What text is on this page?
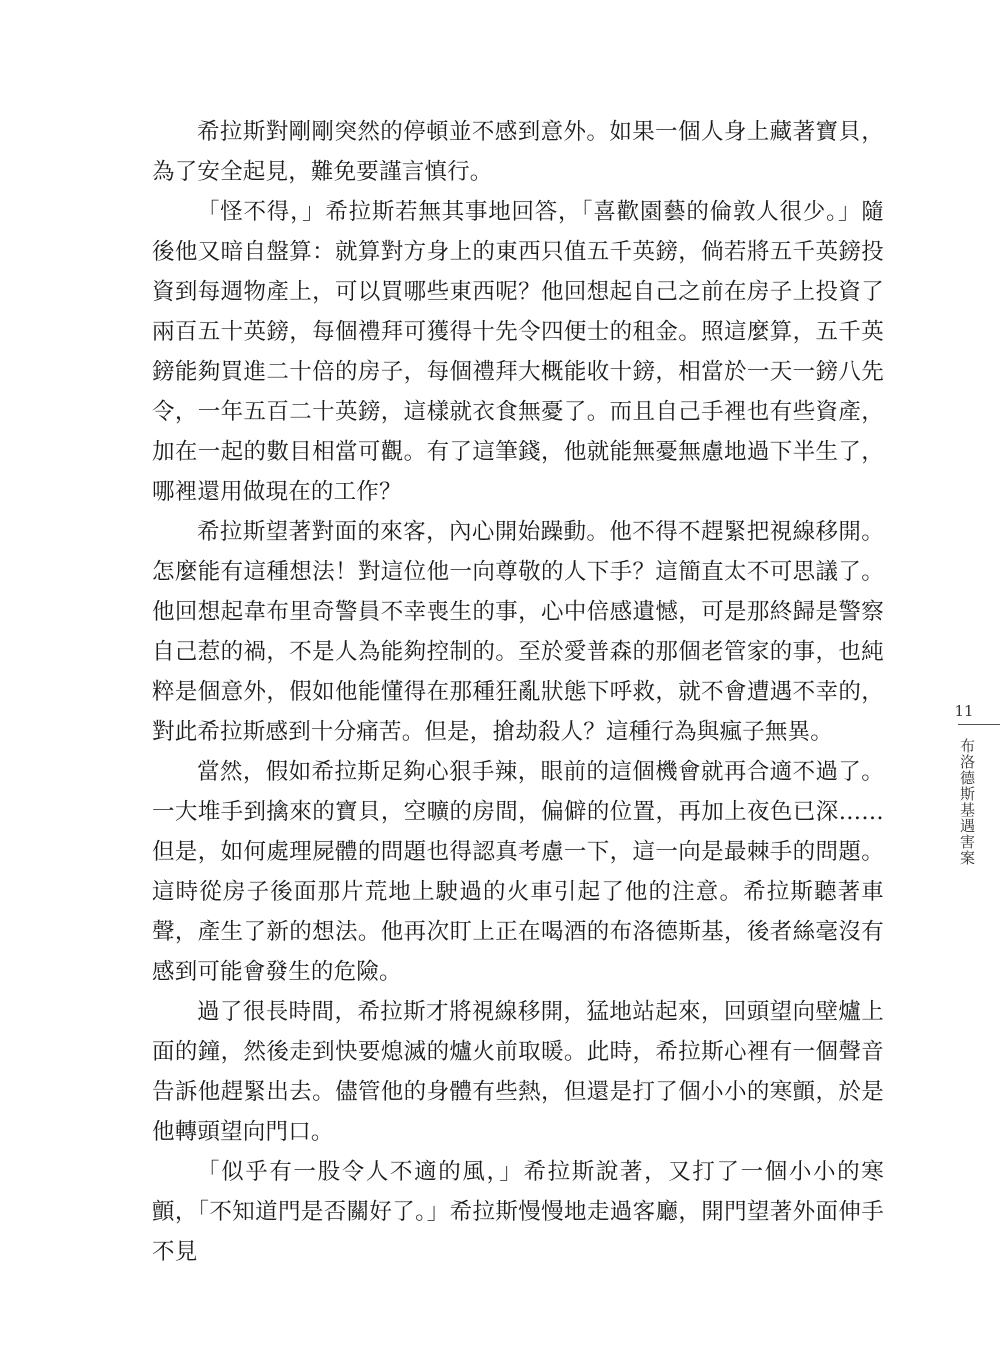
希拉斯對剛剛突然的停頓並不感到意外。如果一個人身上藏著寶貝，為了安全起見，難免要謹言慎行。

「怪不得，」希拉斯若無其事地回答，「喜歡園藝的倫敦人很少。」隨後他又暗自盤算：就算對方身上的東西只值五千英鎊，倘若將五千英鎊投資到每週物產上，可以買哪些東西呢？他回想起自己之前在房子上投資了兩百五十英鎊，每個禮拜可獲得十先令四便士的租金。照這麼算，五千英鎊能夠買進二十倍的房子，每個禮拜大概能收十鎊，相當於一天一鎊八先令，一年五百二十英鎊，這樣就衣食無憂了。而且自己手裡也有些資產，加在一起的數目相當可觀。有了這筆錢，他就能無憂無慮地過下半生了，哪裡還用做現在的工作？

希拉斯望著對面的來客，內心開始躁動。他不得不趕緊把視線移開。怎麼能有這種想法！對這位他一向尊敬的人下手？這簡直太不可思議了。他回想起韋布里奇警員不幸喪生的事，心中倍感遺憾，可是那終歸是警察自己惹的禍，不是人為能夠控制的。至於愛普森的那個老管家的事，也純粹是個意外，假如他能懂得在那種狂亂狀態下呼救，就不會遭遇不幸的，對此希拉斯感到十分痛苦。但是，搶劫殺人？這種行為與瘋子無異。

當然，假如希拉斯足夠心狠手辣，眼前的這個機會就再合適不過了。一大堆手到擒來的寶貝，空曠的房間，偏僻的位置，再加上夜色已深……但是，如何處理屍體的問題也得認真考慮一下，這一向是最棘手的問題。這時從房子後面那片荒地上駛過的火車引起了他的注意。希拉斯聽著車聲，產生了新的想法。他再次盯上正在喝酒的布洛德斯基，後者絲毫沒有感到可能會發生的危險。

過了很長時間，希拉斯才將視線移開，猛地站起來，回頭望向壁爐上面的鐘，然後走到快要熄滅的爐火前取暖。此時，希拉斯心裡有一個聲音告訴他趕緊出去。儘管他的身體有些熱，但還是打了個小小的寒顫，於是他轉頭望向門口。

「似乎有一股令人不適的風，」希拉斯說著，又打了一個小小的寒顫，「不知道門是否關好了。」希拉斯慢慢地走過客廳，開門望著外面伸手不見

11
布洛德斯基遇害案
